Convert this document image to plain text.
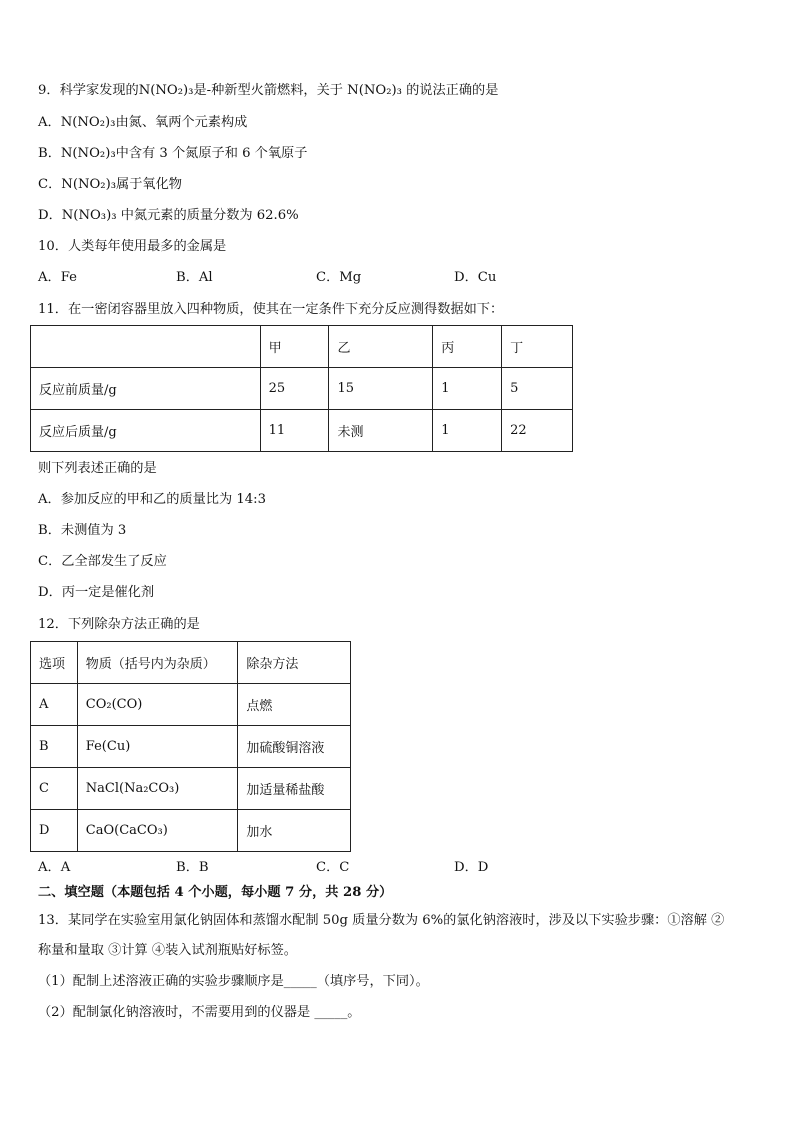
9．科学家发现的N(NO₂)₃是-种新型火箭燃料，关于 N(NO₂)₃ 的说法正确的是
A．N(NO₂)₃由氮、氧两个元素构成
B．N(NO₂)₃中含有 3 个氮原子和 6 个氧原子
C．N(NO₂)₃属于氧化物
D．N(NO₃)₃ 中氮元素的质量分数为 62.6%
10．人类每年使用最多的金属是
A．Fe	B．Al	C．Mg	D．Cu
11．在一密闭容器里放入四种物质，使其在一定条件下充分反应测得数据如下：
	甲	乙	丙	丁
反应前质量/g	25	15	1	5
反应后质量/g	11	未测	1	22
则下列表述正确的是
A．参加反应的甲和乙的质量比为 14:3
B．未测值为 3
C．乙全部发生了反应
D．丙一定是催化剂
12．下列除杂方法正确的是
选项	物质（括号内为杂质）	除杂方法
A	CO₂(CO)	点燃
B	Fe(Cu)	加硫酸铜溶液
C	NaCl(Na₂CO₃)	加适量稀盐酸
D	CaO(CaCO₃)	加水
A．A	B．B	C．C	D．D
二、填空题（本题包括 4 个小题，每小题 7 分，共 28 分）
13．某同学在实验室用氯化钠固体和蒸馏水配制 50g 质量分数为 6%的氯化钠溶液时，涉及以下实验步骤：①溶解 ②
称量和量取 ③计算 ④装入试剂瓶贴好标签。
（1）配制上述溶液正确的实验步骤顺序是_____（填序号，下同）。
（2）配制氯化钠溶液时，不需要用到的仪器是 _____。
